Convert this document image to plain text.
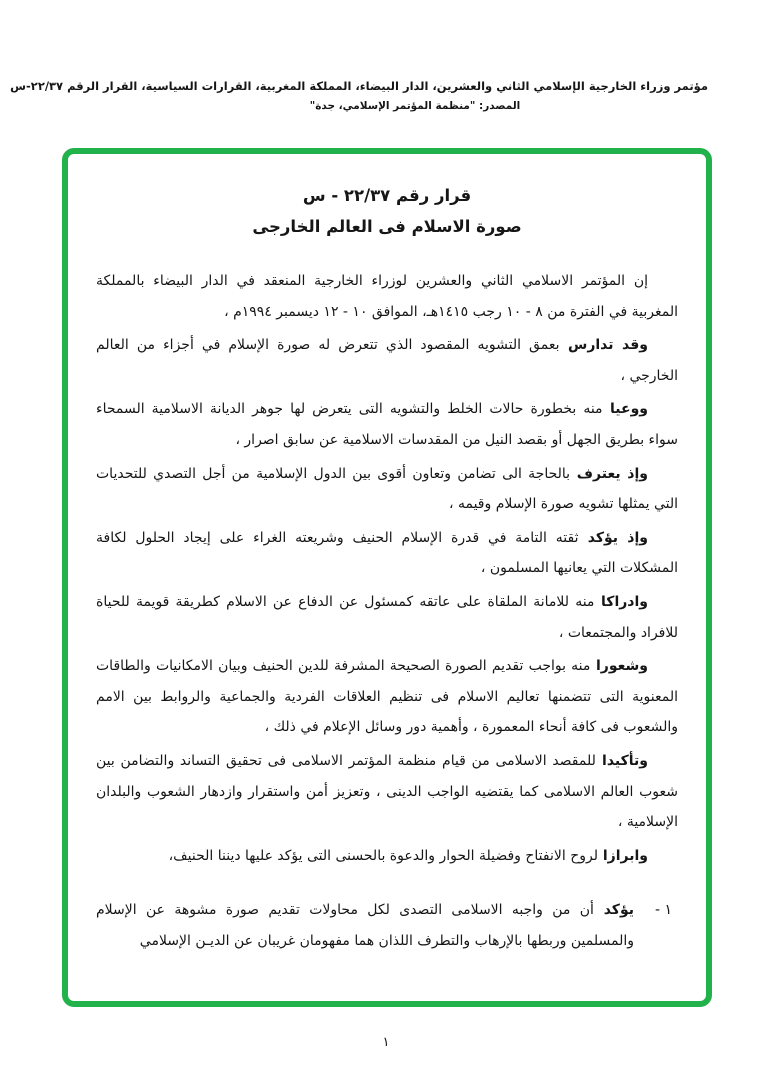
مؤتمر وزراء الخارجية الإسلامي الثاني والعشرين، الدار البيضاء، المملكة المغربية، القرارات السياسية، القرار الرقم ٢٢/٣٧-س
المصدر: "منظمة المؤتمر الإسلامي، جدة"
قرار رقم ٢٢/٣٧ - س
صورة الاسلام فى العالم الخارجى

إن المؤتمر الاسلامي الثاني والعشرين لوزراء الخارجية المنعقد في الدار البيضاء بالمملكة المغربية في الفترة من ٨ - ١٠ رجب ١٤١٥هـ، الموافق ١٠ - ١٢ ديسمبر ١٩٩٤م ،

وقد تدارس بعمق التشويه المقصود الذي تتعرض له صورة الإسلام في أجزاء من العالم الخارجي ،

ووعيا منه بخطورة حالات الخلط والتشويه التى يتعرض لها جوهر الديانة الاسلامية السمحاء سواء بطريق الجهل أو بقصد النيل من المقدسات الاسلامية عن سابق اصرار ،

وإذ يعترف بالحاجة الى تضامن وتعاون أقوى بين الدول الإسلامية من أجل التصدي للتحديات التي يمثلها تشويه صورة الإسلام وقيمه ،

وإذ يؤكد ثقته التامة في قدرة الإسلام الحنيف وشريعته الغراء على إيجاد الحلول لكافة المشكلات التي يعانيها المسلمون ،

وادراكا منه للامانة الملقاة على عاتقه كمسئول عن الدفاع عن الاسلام كطريقة قويمة للحياة للافراد والمجتمعات ،

وشعورا منه بواجب تقديم الصورة الصحيحة المشرفة للدين الحنيف وبيان الامكانيات والطاقات المعنوية التى تتضمنها تعاليم الاسلام فى تنظيم العلاقات الفردية والجماعية والروابط بين الامم والشعوب فى كافة أنحاء المعمورة ، وأهمية دور وسائل الإعلام في ذلك ،

وتأكيدا للمقصد الاسلامى من قيام منظمة المؤتمر الاسلامى فى تحقيق التساند والتضامن بين شعوب العالم الاسلامى كما يقتضيه الواجب الدينى ، وتعزيز أمن واستقرار وازدهار الشعوب والبلدان الإسلامية ،

وابرازا لروح الانفتاح وفضيلة الحوار والدعوة بالحسنى التى يؤكد عليها ديننا الحنيف،

١ -
يؤكد أن من واجبه الاسلامى التصدى لكل محاولات تقديم صورة مشوهة عن الإسلام والمسلمين وربطها بالإرهاب والتطرف اللذان هما مفهومان غريبان عن الديـن الإسلامي
١
